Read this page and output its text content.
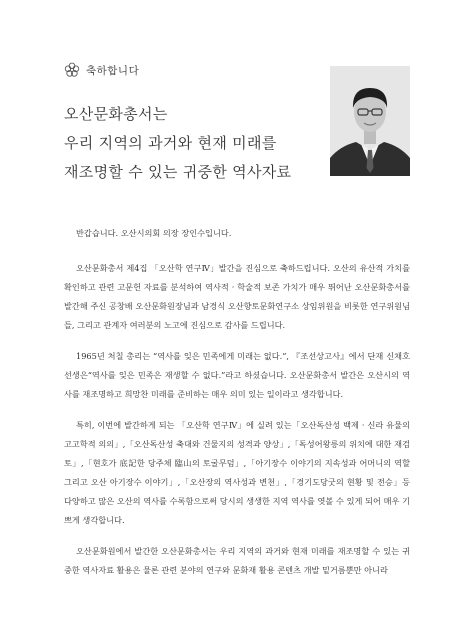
축하합니다
오산문화총서는
우리 지역의 과거와 현재 미래를
재조명할 수 있는 귀중한 역사자료

반갑습니다. 오산시의회 의장 장인수입니다.

오산문화총서 제4집 「오산학 연구Ⅳ」발간을 진심으로 축하드립니다. 오산의 유산적 가치를 확인하고 관련 고문헌 자료를 분석하여 역사적 · 학술적 보존 가치가 매우 뛰어난 오산문화총서를 발간해 주신 공창배 오산문화원장님과 남경식 오산향토문화연구소 상임위원을 비롯한 연구위원님들, 그리고 관계자 여러분의 노고에 진심으로 감사를 드립니다.

1965년 처칠 총리는 “역사를 잊은 민족에게 미래는 없다.”, 『조선상고사』에서 단재 신채호 선생은“역사를 잊은 민족은 재생할 수 없다.”라고 하셨습니다. 오산문화총서 발간은 오산시의 역사를 재조명하고 희망찬 미래를 준비하는 매우 의미 있는 일이라고 생각합니다.

특히, 이번에 발간하게 되는 「오산학 연구Ⅳ」에 실려 있는「오산독산성 백제 · 신라 유물의 고고학적 의의」,「오산독산성 축대와 건물지의 성격과 양상」,「독성어왕릉의 위치에 대한 재검토」,「현호가 底記한 당주체 臨山의 토굴무덤」,「아기장수 이야기의 지속성과 어머니의 역할 그리고 오산 아기장수 이야기」,「오산장의 역사성과 변천」,「경기도당굿의 현황 및 전승」등 다양하고 많은 오산의 역사를 수록함으로써 당시의 생생한 지역 역사를 엿볼 수 있게 되어 매우 기쁘게 생각합니다.

오산문화원에서 발간한 오산문화총서는 우리 지역의 과거와 현재 미래를 재조명할 수 있는 귀중한 역사자료 활용은 물론 관련 분야의 연구와 문화재 활용 콘텐츠 개발 밑거름뿐만 아니라
